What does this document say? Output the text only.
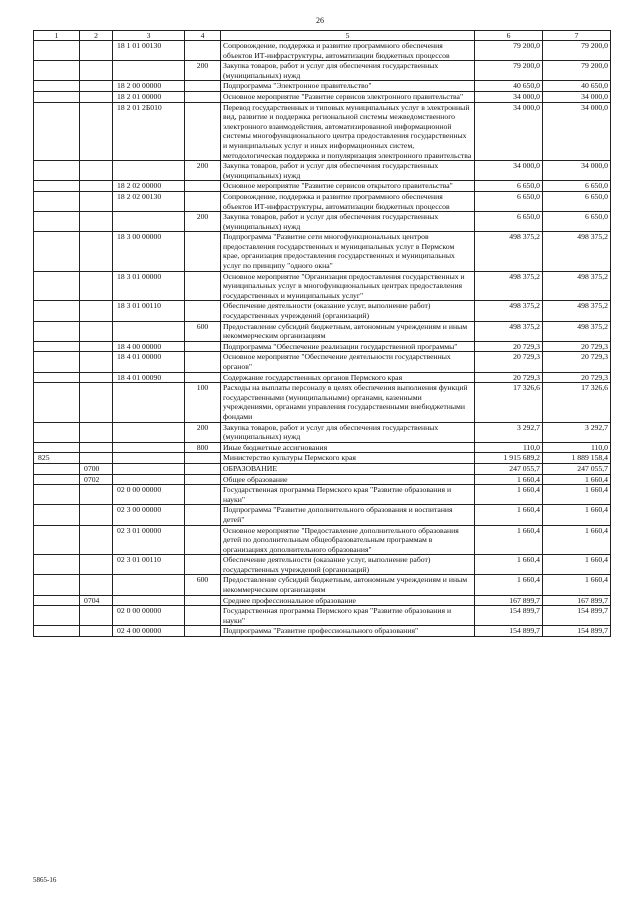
26
1	2	3	4	5	6	7
		18 1 01 00130		Сопровождение, поддержка и развитие программного обеспечения объектов ИТ-инфраструктуры, автоматизации бюджетных процессов	79 200,0	79 200,0
			200	Закупка товаров, работ и услуг для обеспечения государственных (муниципальных) нужд	79 200,0	79 200,0
		18 2 00 00000		Подпрограмма "Электронное правительство"	40 650,0	40 650,0
		18 2 01 00000		Основное мероприятие "Развитие сервисов электронного правительства"	34 000,0	34 000,0
		18 2 01 2Б010		Перевод государственных и типовых муниципальных услуг в электронный вид, развитие и поддержка региональной системы межведомственного электронного взаимодействия, автоматизированной информационной системы многофункционального центра предоставления государственных и муниципальных услуг и иных информационных систем, методологическая поддержка и популяризация электронного правительства	34 000,0	34 000,0
			200	Закупка товаров, работ и услуг для обеспечения государственных (муниципальных) нужд	34 000,0	34 000,0
		18 2 02 00000		Основное мероприятие "Развитие сервисов открытого правительства"	6 650,0	6 650,0
		18 2 02 00130		Сопровождение, поддержка и развитие программного обеспечения объектов ИТ-инфраструктуры, автоматизации бюджетных процессов	6 650,0	6 650,0
			200	Закупка товаров, работ и услуг для обеспечения государственных (муниципальных) нужд	6 650,0	6 650,0
		18 3 00 00000		Подпрограмма "Развитие сети многофункциональных центров предоставления государственных и муниципальных услуг в Пермском крае, организация предоставления государственных и муниципальных услуг по принципу "одного окна"	498 375,2	498 375,2
		18 3 01 00000		Основное мероприятие "Организация предоставления государственных и муниципальных услуг в многофункциональных центрах предоставления государственных и муниципальных услуг"	498 375,2	498 375,2
		18 3 01 00110		Обеспечение деятельности (оказание услуг, выполнение работ) государственных учреждений (организаций)	498 375,2	498 375,2
			600	Предоставление субсидий бюджетным, автономным учреждениям и иным некоммерческим организациям	498 375,2	498 375,2
		18 4 00 00000		Подпрограмма "Обеспечение реализации государственной программы"	20 729,3	20 729,3
		18 4 01 00000		Основное мероприятие "Обеспечение деятельности государственных органов"	20 729,3	20 729,3
		18 4 01 00090		Содержание государственных органов Пермского края	20 729,3	20 729,3
			100	Расходы на выплаты персоналу в целях обеспечения выполнения функций государственными (муниципальными) органами, казенными учреждениями, органами управления государственными внебюджетными фондами	17 326,6	17 326,6
			200	Закупка товаров, работ и услуг для обеспечения государственных (муниципальных) нужд	3 292,7	3 292,7
			800	Иные бюджетные ассигнования	110,0	110,0
825				Министерство культуры Пермского края	1 915 689,2	1 889 158,4
	0700			ОБРАЗОВАНИЕ	247 055,7	247 055,7
	0702			Общее образование	1 660,4	1 660,4
		02 0 00 00000		Государственная программа Пермского края "Развитие образования и науки"	1 660,4	1 660,4
		02 3 00 00000		Подпрограмма "Развитие дополнительного образования и воспитания детей"	1 660,4	1 660,4
		02 3 01 00000		Основное мероприятие "Предоставление дополнительного образования детей по дополнительным общеобразовательным программам в организациях дополнительного образования"	1 660,4	1 660,4
		02 3 01 00110		Обеспечение деятельности (оказание услуг, выполнение работ) государственных учреждений (организаций)	1 660,4	1 660,4
			600	Предоставление субсидий бюджетным, автономным учреждениям и иным некоммерческим организациям	1 660,4	1 660,4
	0704			Среднее профессиональное образование	167 899,7	167 899,7
		02 0 00 00000		Государственная программа Пермского края "Развитие образования и науки"	154 899,7	154 899,7
		02 4 00 00000		Подпрограмма "Развитие профессионального образования"	154 899,7	154 899,7
5865-16
